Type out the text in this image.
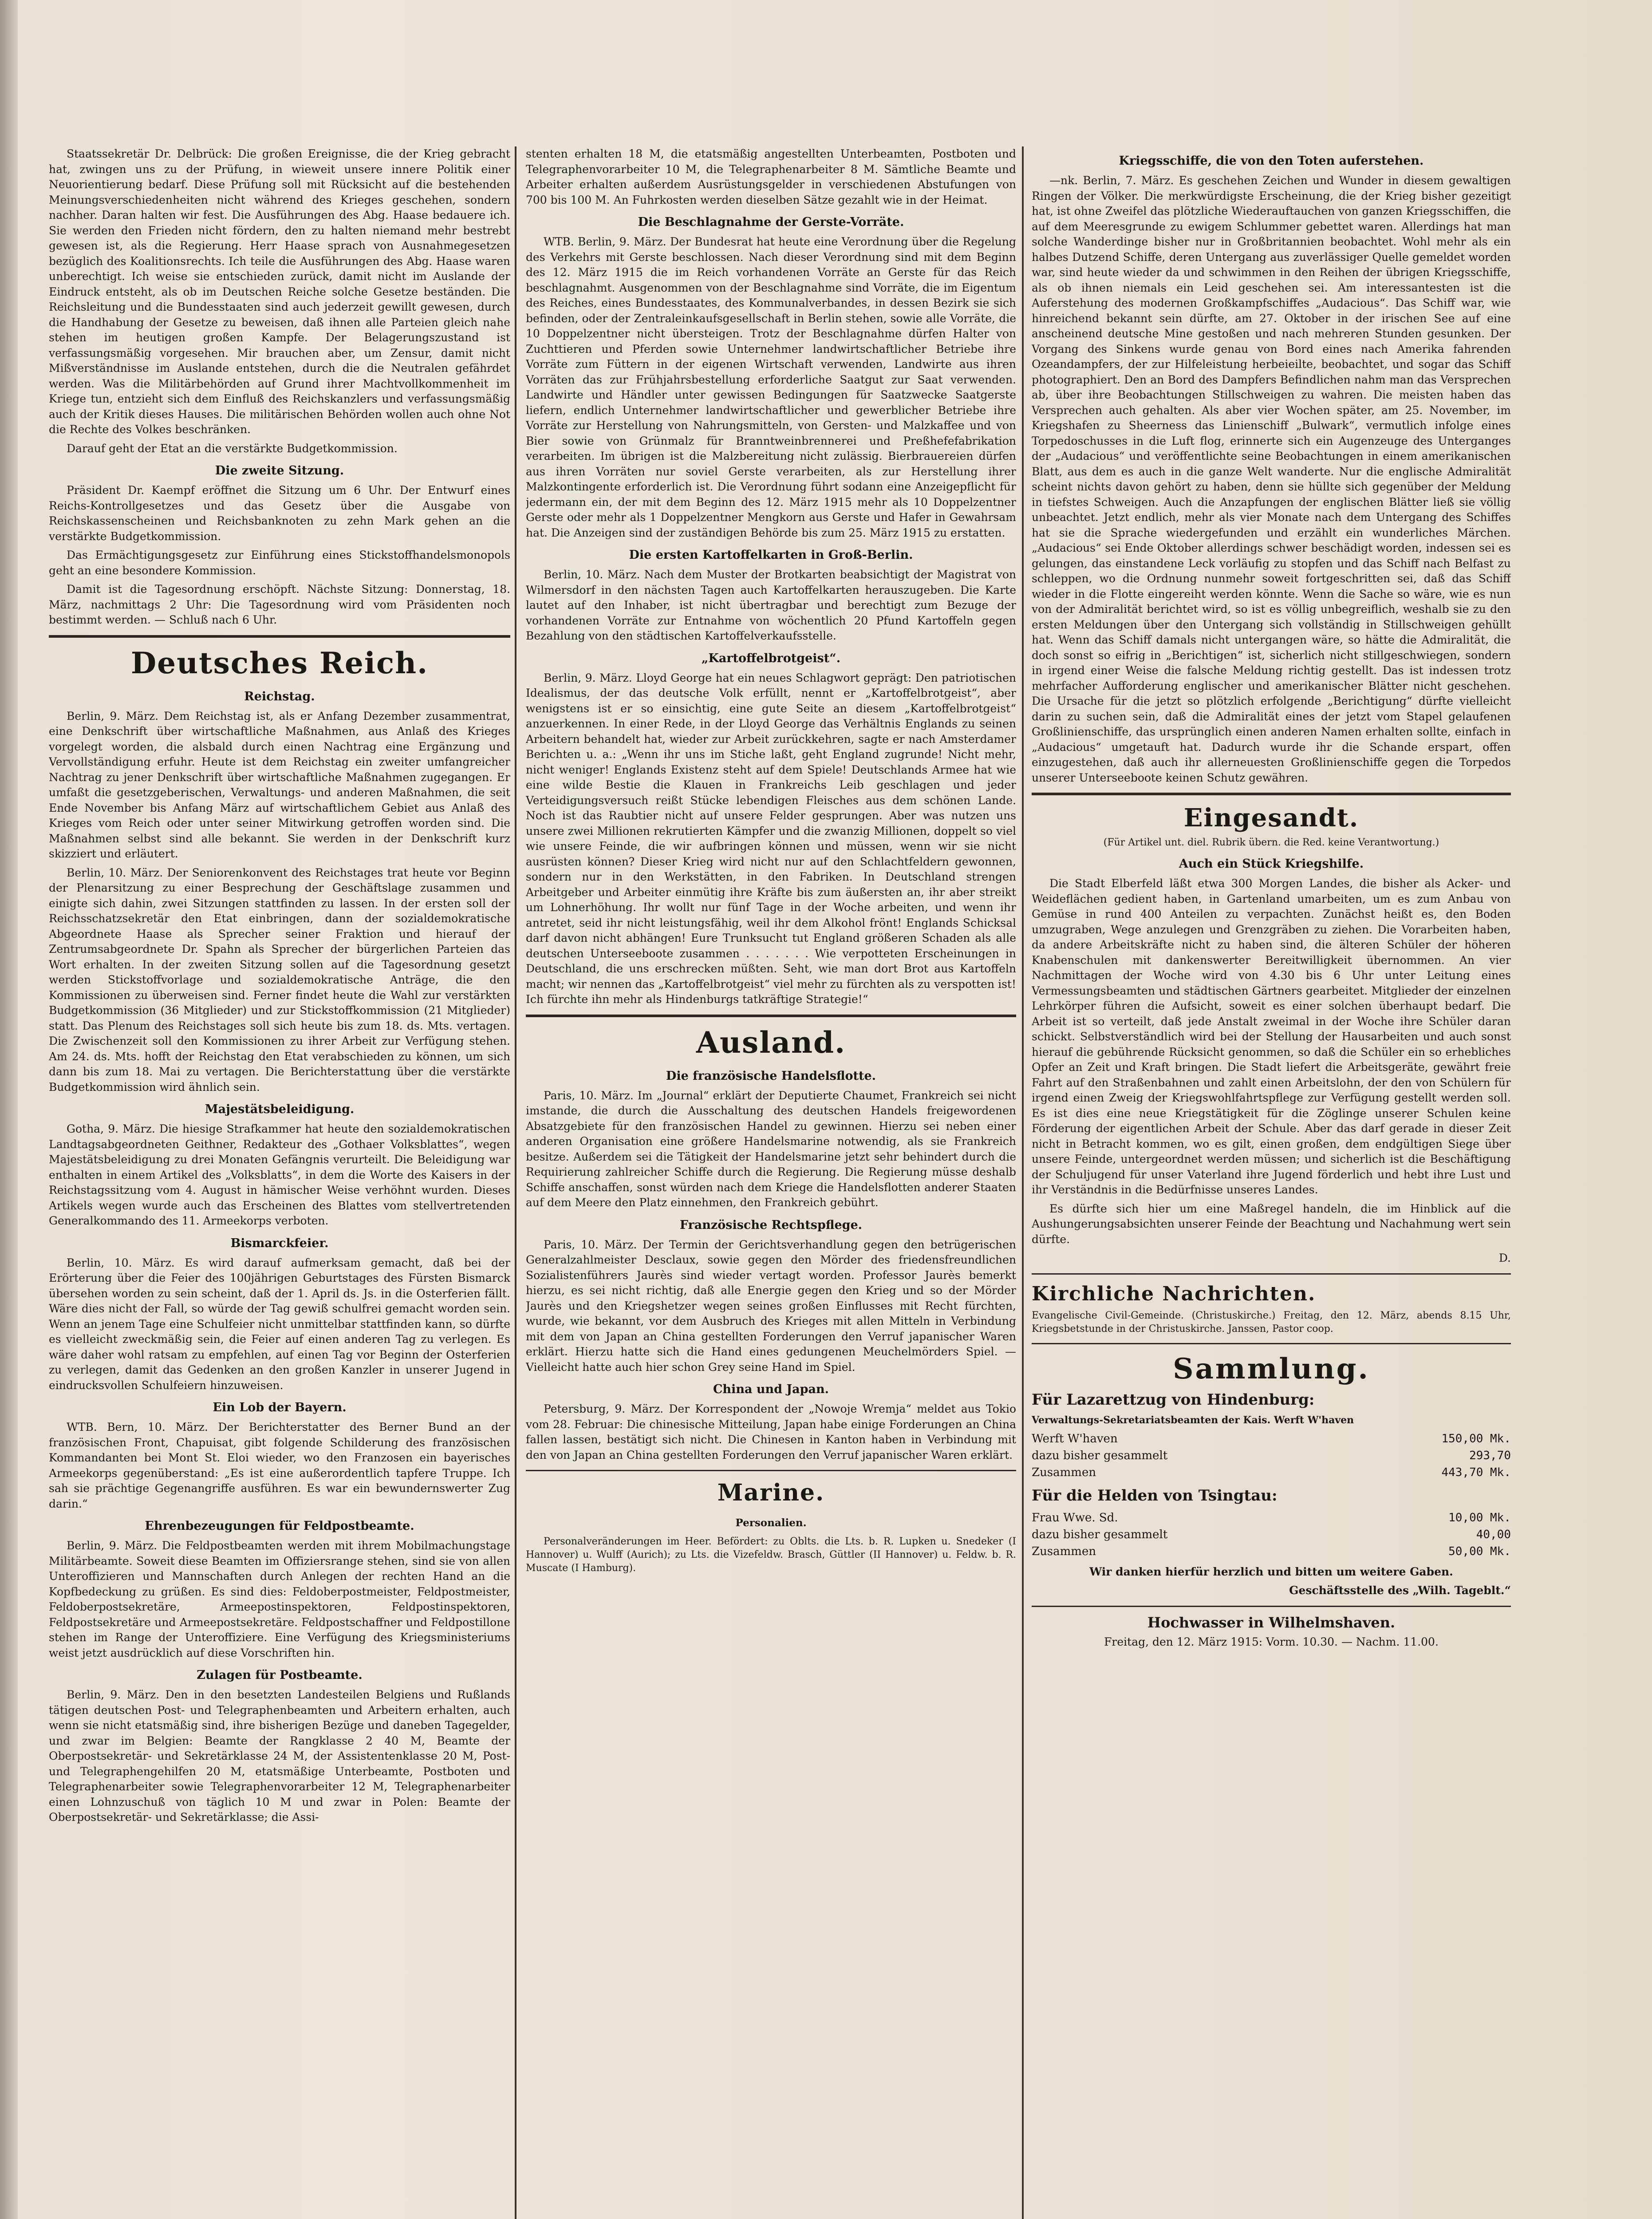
Staatssekretär Dr. Delbrück: Die großen Ereignisse, die der Krieg gebracht hat, zwingen uns zu der Prüfung, in wieweit unsere innere Politik einer Neuorientierung bedarf. Diese Prüfung soll mit Rücksicht auf die bestehenden Meinungsverschiedenheiten nicht während des Krieges geschehen, sondern nachher. Daran halten wir fest. Die Ausführungen des Abg. Haase bedauere ich. Sie werden den Frieden nicht fördern, den zu halten niemand mehr bestrebt gewesen ist, als die Regierung. Herr Haase sprach von Ausnahmegesetzen bezüglich des Koalitionsrechts. Ich teile die Ausführungen des Abg. Haase waren unberechtigt. Ich weise sie entschieden zurück, damit nicht im Auslande der Eindruck entsteht, als ob im Deutschen Reiche solche Gesetze beständen. Die Reichsleitung und die Bundesstaaten sind auch jederzeit gewillt gewesen, durch die Handhabung der Gesetze zu beweisen, daß ihnen alle Parteien gleich nahe stehen im heutigen großen Kampfe. Der Belagerungszustand ist verfassungsmäßig vorgesehen. Mir brauchen aber, um Zensur, damit nicht Mißverständnisse im Auslande entstehen, durch die die Neutralen gefährdet werden. Was die Militärbehörden auf Grund ihrer Machtvollkommenheit im Kriege tun, entzieht sich dem Einfluß des Reichskanzlers und verfassungsmäßig auch der Kritik dieses Hauses. Die militärischen Behörden wollen auch ohne Not die Rechte des Volkes beschränken.

Darauf geht der Etat an die verstärkte Budgetkommission.

Die zweite Sitzung.

Präsident Dr. Kaempf eröffnet die Sitzung um 6 Uhr. Der Entwurf eines Reichs-Kontrollgesetzes und das Gesetz über die Ausgabe von Reichskassenscheinen und Reichsbanknoten zu zehn Mark gehen an die verstärkte Budgetkommission.

Das Ermächtigungsgesetz zur Einführung eines Stickstoffhandelsmonopols geht an eine besondere Kommission.

Damit ist die Tagesordnung erschöpft. Nächste Sitzung: Donnerstag, 18. März, nachmittags 2 Uhr: Die Tagesordnung wird vom Präsidenten noch bestimmt werden. — Schluß nach 6 Uhr.

Deutsches Reich.
Reichstag.

Berlin, 9. März. Dem Reichstag ist, als er Anfang Dezember zusammentrat, eine Denkschrift über wirtschaftliche Maßnahmen, aus Anlaß des Krieges vorgelegt worden, die alsbald durch einen Nachtrag eine Ergänzung und Vervollständigung erfuhr. Heute ist dem Reichstag ein zweiter umfangreicher Nachtrag zu jener Denkschrift über wirtschaftliche Maßnahmen zugegangen. Er umfaßt die gesetzgeberischen, Verwaltungs- und anderen Maßnahmen, die seit Ende November bis Anfang März auf wirtschaftlichem Gebiet aus Anlaß des Krieges vom Reich oder unter seiner Mitwirkung getroffen worden sind. Die Maßnahmen selbst sind alle bekannt. Sie werden in der Denkschrift kurz skizziert und erläutert.

Berlin, 10. März. Der Seniorenkonvent des Reichstages trat heute vor Beginn der Plenarsitzung zu einer Besprechung der Geschäftslage zusammen und einigte sich dahin, zwei Sitzungen stattfinden zu lassen. In der ersten soll der Reichsschatzsekretär den Etat einbringen, dann der sozialdemokratische Abgeordnete Haase als Sprecher seiner Fraktion und hierauf der Zentrumsabgeordnete Dr. Spahn als Sprecher der bürgerlichen Parteien das Wort erhalten. In der zweiten Sitzung sollen auf die Tagesordnung gesetzt werden Stickstoffvorlage und sozialdemokratische Anträge, die den Kommissionen zu überweisen sind. Ferner findet heute die Wahl zur verstärkten Budgetkommission (36 Mitglieder) und zur Stickstoffkommission (21 Mitglieder) statt. Das Plenum des Reichstages soll sich heute bis zum 18. ds. Mts. vertagen. Die Zwischenzeit soll den Kommissionen zu ihrer Arbeit zur Verfügung stehen. Am 24. ds. Mts. hofft der Reichstag den Etat verabschieden zu können, um sich dann bis zum 18. Mai zu vertagen. Die Berichterstattung über die verstärkte Budgetkommission wird ähnlich sein.

Majestätsbeleidigung.

Gotha, 9. März. Die hiesige Strafkammer hat heute den sozialdemokratischen Landtagsabgeordneten Geithner, Redakteur des „Gothaer Volksblattes“, wegen Majestätsbeleidigung zu drei Monaten Gefängnis verurteilt. Die Beleidigung war enthalten in einem Artikel des „Volksblatts“, in dem die Worte des Kaisers in der Reichstagssitzung vom 4. August in hämischer Weise verhöhnt wurden. Dieses Artikels wegen wurde auch das Erscheinen des Blattes vom stellvertretenden Generalkommando des 11. Armeekorps verboten.

Bismarckfeier.

Berlin, 10. März. Es wird darauf aufmerksam gemacht, daß bei der Erörterung über die Feier des 100jährigen Geburtstages des Fürsten Bismarck übersehen worden zu sein scheint, daß der 1. April ds. Js. in die Osterferien fällt. Wäre dies nicht der Fall, so würde der Tag gewiß schulfrei gemacht worden sein. Wenn an jenem Tage eine Schulfeier nicht unmittelbar stattfinden kann, so dürfte es vielleicht zweckmäßig sein, die Feier auf einen anderen Tag zu verlegen. Es wäre daher wohl ratsam zu empfehlen, auf einen Tag vor Beginn der Osterferien zu verlegen, damit das Gedenken an den großen Kanzler in unserer Jugend in eindrucksvollen Schulfeiern hinzuweisen.

Ein Lob der Bayern.

WTB. Bern, 10. März. Der Berichterstatter des Berner Bund an der französischen Front, Chapuisat, gibt folgende Schilderung des französischen Kommandanten bei Mont St. Eloi wieder, wo den Franzosen ein bayerisches Armeekorps gegenüberstand: „Es ist eine außerordentlich tapfere Truppe. Ich sah sie prächtige Gegenangriffe ausführen. Es war ein bewundernswerter Zug darin.“

Ehrenbezeugungen für Feldpostbeamte.

Berlin, 9. März. Die Feldpostbeamten werden mit ihrem Mobilmachungstage Militärbeamte. Soweit diese Beamten im Offiziersrange stehen, sind sie von allen Unteroffizieren und Mannschaften durch Anlegen der rechten Hand an die Kopfbedeckung zu grüßen. Es sind dies: Feldoberpostmeister, Feldpostmeister, Feldoberpostsekretäre, Armeepostinspektoren, Feldpostinspektoren, Feldpostsekretäre und Armeepostsekretäre. Feldpostschaffner und Feldpostillone stehen im Range der Unteroffiziere. Eine Verfügung des Kriegsministeriums weist jetzt ausdrücklich auf diese Vorschriften hin.

Zulagen für Postbeamte.

Berlin, 9. März. Den in den besetzten Landesteilen Belgiens und Rußlands tätigen deutschen Post- und Telegraphenbeamten und Arbeitern erhalten, auch wenn sie nicht etatsmäßig sind, ihre bisherigen Bezüge und daneben Tagegelder, und zwar im Belgien: Beamte der Rangklasse 2 40 M, Beamte der Oberpostsekretär- und Sekretärklasse 24 M, der Assistentenklasse 20 M, Post- und Telegraphengehilfen 20 M, etatsmäßige Unterbeamte, Postboten und Telegraphenarbeiter sowie Telegraphenvorarbeiter 12 M, Telegraphenarbeiter einen Lohnzuschuß von täglich 10 M und zwar in Polen: Beamte der Oberpostsekretär- und Sekretärklasse; die Assi-

stenten erhalten 18 M, die etatsmäßig angestellten Unterbeamten, Postboten und Telegraphenvorarbeiter 10 M, die Telegraphenarbeiter 8 M. Sämtliche Beamte und Arbeiter erhalten außerdem Ausrüstungsgelder in verschiedenen Abstufungen von 700 bis 100 M. An Fuhrkosten werden dieselben Sätze gezahlt wie in der Heimat.

Die Beschlagnahme der Gerste-Vorräte.

WTB. Berlin, 9. März. Der Bundesrat hat heute eine Verordnung über die Regelung des Verkehrs mit Gerste beschlossen. Nach dieser Verordnung sind mit dem Beginn des 12. März 1915 die im Reich vorhandenen Vorräte an Gerste für das Reich beschlagnahmt. Ausgenommen von der Beschlagnahme sind Vorräte, die im Eigentum des Reiches, eines Bundesstaates, des Kommunalverbandes, in dessen Bezirk sie sich befinden, oder der Zentraleinkaufsgesellschaft in Berlin stehen, sowie alle Vorräte, die 10 Doppelzentner nicht übersteigen. Trotz der Beschlagnahme dürfen Halter von Zuchttieren und Pferden sowie Unternehmer landwirtschaftlicher Betriebe ihre Vorräte zum Füttern in der eigenen Wirtschaft verwenden, Landwirte aus ihren Vorräten das zur Frühjahrsbestellung erforderliche Saatgut zur Saat verwenden. Landwirte und Händler unter gewissen Bedingungen für Saatzwecke Saatgerste liefern, endlich Unternehmer landwirtschaftlicher und gewerblicher Betriebe ihre Vorräte zur Herstellung von Nahrungsmitteln, von Gersten- und Malzkaffee und von Bier sowie von Grünmalz für Branntweinbrennerei und Preßhefefabrikation verarbeiten. Im übrigen ist die Malzbereitung nicht zulässig. Bierbrauereien dürfen aus ihren Vorräten nur soviel Gerste verarbeiten, als zur Herstellung ihrer Malzkontingente erforderlich ist. Die Verordnung führt sodann eine Anzeigepflicht für jedermann ein, der mit dem Beginn des 12. März 1915 mehr als 10 Doppelzentner Gerste oder mehr als 1 Doppelzentner Mengkorn aus Gerste und Hafer in Gewahrsam hat. Die Anzeigen sind der zuständigen Behörde bis zum 25. März 1915 zu erstatten.

Die ersten Kartoffelkarten in Groß-Berlin.

Berlin, 10. März. Nach dem Muster der Brotkarten beabsichtigt der Magistrat von Wilmersdorf in den nächsten Tagen auch Kartoffelkarten herauszugeben. Die Karte lautet auf den Inhaber, ist nicht übertragbar und berechtigt zum Bezuge der vorhandenen Vorräte zur Entnahme von wöchentlich 20 Pfund Kartoffeln gegen Bezahlung von den städtischen Kartoffelverkaufsstelle.

„Kartoffelbrotgeist“.

Berlin, 9. März. Lloyd George hat ein neues Schlagwort geprägt: Den patriotischen Idealismus, der das deutsche Volk erfüllt, nennt er „Kartoffelbrotgeist“, aber wenigstens ist er so einsichtig, eine gute Seite an diesem „Kartoffelbrotgeist“ anzuerkennen. In einer Rede, in der Lloyd George das Verhältnis Englands zu seinen Arbeitern behandelt hat, wieder zur Arbeit zurückkehren, sagte er nach Amsterdamer Berichten u. a.: „Wenn ihr uns im Stiche laßt, geht England zugrunde! Nicht mehr, nicht weniger! Englands Existenz steht auf dem Spiele! Deutschlands Armee hat wie eine wilde Bestie die Klauen in Frankreichs Leib geschlagen und jeder Verteidigungsversuch reißt Stücke lebendigen Fleisches aus dem schönen Lande. Noch ist das Raubtier nicht auf unsere Felder gesprungen. Aber was nutzen uns unsere zwei Millionen rekrutierten Kämpfer und die zwanzig Millionen, doppelt so viel wie unsere Feinde, die wir aufbringen können und müssen, wenn wir sie nicht ausrüsten können? Dieser Krieg wird nicht nur auf den Schlachtfeldern gewonnen, sondern nur in den Werkstätten, in den Fabriken. In Deutschland strengen Arbeitgeber und Arbeiter einmütig ihre Kräfte bis zum äußersten an, ihr aber streikt um Lohnerhöhung. Ihr wollt nur fünf Tage in der Woche arbeiten, und wenn ihr antretet, seid ihr nicht leistungsfähig, weil ihr dem Alkohol frönt! Englands Schicksal darf davon nicht abhängen! Eure Trunksucht tut England größeren Schaden als alle deutschen Unterseeboote zusammen . . . . . . . Wie verpotteten Erscheinungen in Deutschland, die uns erschrecken müßten. Seht, wie man dort Brot aus Kartoffeln macht; wir nennen das „Kartoffelbrotgeist“ viel mehr zu fürchten als zu verspotten ist! Ich fürchte ihn mehr als Hindenburgs tatkräftige Strategie!“

Ausland.
Die französische Handelsflotte.

Paris, 10. März. Im „Journal“ erklärt der Deputierte Chaumet, Frankreich sei nicht imstande, die durch die Ausschaltung des deutschen Handels freigewordenen Absatzgebiete für den französischen Handel zu gewinnen. Hierzu sei neben einer anderen Organisation eine größere Handelsmarine notwendig, als sie Frankreich besitze. Außerdem sei die Tätigkeit der Handelsmarine jetzt sehr behindert durch die Requirierung zahlreicher Schiffe durch die Regierung. Die Regierung müsse deshalb Schiffe anschaffen, sonst würden nach dem Kriege die Handelsflotten anderer Staaten auf dem Meere den Platz einnehmen, den Frankreich gebührt.

Französische Rechtspflege.

Paris, 10. März. Der Termin der Gerichtsverhandlung gegen den betrügerischen Generalzahlmeister Desclaux, sowie gegen den Mörder des friedensfreundlichen Sozialistenführers Jaurès sind wieder vertagt worden. Professor Jaurès bemerkt hierzu, es sei nicht richtig, daß alle Energie gegen den Krieg und so der Mörder Jaurès und den Kriegshetzer wegen seines großen Einflusses mit Recht fürchten, wurde, wie bekannt, vor dem Ausbruch des Krieges mit allen Mitteln in Verbindung mit dem von Japan an China gestellten Forderungen den Verruf japanischer Waren erklärt. Hierzu hatte sich die Hand eines gedungenen Meuchelmörders Spiel. — Vielleicht hatte auch hier schon Grey seine Hand im Spiel.

China und Japan.

Petersburg, 9. März. Der Korrespondent der „Nowoje Wremja“ meldet aus Tokio vom 28. Februar: Die chinesische Mitteilung, Japan habe einige Forderungen an China fallen lassen, bestätigt sich nicht. Die Chinesen in Kanton haben in Verbindung mit den von Japan an China gestellten Forderungen den Verruf japanischer Waren erklärt.

Marine.
Personalien.

Personalveränderungen im Heer. Befördert: zu Oblts. die Lts. b. R. Lupken u. Snedeker (I Hannover) u. Wulff (Aurich); zu Lts. die Vizefeldw. Brasch, Güttler (II Hannover) u. Feldw. b. R. Muscate (I Hamburg).

Kriegsschiffe, die von den Toten auferstehen.

—nk. Berlin, 7. März. Es geschehen Zeichen und Wunder in diesem gewaltigen Ringen der Völker. Die merkwürdigste Erscheinung, die der Krieg bisher gezeitigt hat, ist ohne Zweifel das plötzliche Wiederauftauchen von ganzen Kriegsschiffen, die auf dem Meeresgrunde zu ewigem Schlummer gebettet waren. Allerdings hat man solche Wanderdinge bisher nur in Großbritannien beobachtet. Wohl mehr als ein halbes Dutzend Schiffe, deren Untergang aus zuverlässiger Quelle gemeldet worden war, sind heute wieder da und schwimmen in den Reihen der übrigen Kriegsschiffe, als ob ihnen niemals ein Leid geschehen sei. Am interessantesten ist die Auferstehung des modernen Großkampfschiffes „Audacious“. Das Schiff war, wie hinreichend bekannt sein dürfte, am 27. Oktober in der irischen See auf eine anscheinend deutsche Mine gestoßen und nach mehreren Stunden gesunken. Der Vorgang des Sinkens wurde genau von Bord eines nach Amerika fahrenden Ozeandampfers, der zur Hilfeleistung herbeieilte, beobachtet, und sogar das Schiff photographiert. Den an Bord des Dampfers Befindlichen nahm man das Versprechen ab, über ihre Beobachtungen Stillschweigen zu wahren. Die meisten haben das Versprechen auch gehalten. Als aber vier Wochen später, am 25. November, im Kriegshafen zu Sheerness das Linienschiff „Bulwark“, vermutlich infolge eines Torpedoschusses in die Luft flog, erinnerte sich ein Augenzeuge des Unterganges der „Audacious“ und veröffentlichte seine Beobachtungen in einem amerikanischen Blatt, aus dem es auch in die ganze Welt wanderte. Nur die englische Admiralität scheint nichts davon gehört zu haben, denn sie hüllte sich gegenüber der Meldung in tiefstes Schweigen. Auch die Anzapfungen der englischen Blätter ließ sie völlig unbeachtet. Jetzt endlich, mehr als vier Monate nach dem Untergang des Schiffes hat sie die Sprache wiedergefunden und erzählt ein wunderliches Märchen. „Audacious“ sei Ende Oktober allerdings schwer beschädigt worden, indessen sei es gelungen, das einstandene Leck vorläufig zu stopfen und das Schiff nach Belfast zu schleppen, wo die Ordnung nunmehr soweit fortgeschritten sei, daß das Schiff wieder in die Flotte eingereiht werden könnte. Wenn die Sache so wäre, wie es nun von der Admiralität berichtet wird, so ist es völlig unbegreiflich, weshalb sie zu den ersten Meldungen über den Untergang sich vollständig in Stillschweigen gehüllt hat. Wenn das Schiff damals nicht untergangen wäre, so hätte die Admiralität, die doch sonst so eifrig in „Berichtigen“ ist, sicherlich nicht stillgeschwiegen, sondern in irgend einer Weise die falsche Meldung richtig gestellt. Das ist indessen trotz mehrfacher Aufforderung englischer und amerikanischer Blätter nicht geschehen. Die Ursache für die jetzt so plötzlich erfolgende „Berichtigung“ dürfte vielleicht darin zu suchen sein, daß die Admiralität eines der jetzt vom Stapel gelaufenen Großlinienschiffe, das ursprünglich einen anderen Namen erhalten sollte, einfach in „Audacious“ umgetauft hat. Dadurch wurde ihr die Schande erspart, offen einzugestehen, daß auch ihr allerneuesten Großlinienschiffe gegen die Torpedos unserer Unterseeboote keinen Schutz gewähren.

Eingesandt.

(Für Artikel unt. diel. Rubrik übern. die Red. keine Verantwortung.)

Auch ein Stück Kriegshilfe.

Die Stadt Elberfeld läßt etwa 300 Morgen Landes, die bisher als Acker- und Weideflächen gedient haben, in Gartenland umarbeiten, um es zum Anbau von Gemüse in rund 400 Anteilen zu verpachten. Zunächst heißt es, den Boden umzugraben, Wege anzulegen und Grenzgräben zu ziehen. Die Vorarbeiten haben, da andere Arbeitskräfte nicht zu haben sind, die älteren Schüler der höheren Knabenschulen mit dankenswerter Bereitwilligkeit übernommen. An vier Nachmittagen der Woche wird von 4.30 bis 6 Uhr unter Leitung eines Vermessungsbeamten und städtischen Gärtners gearbeitet. Mitglieder der einzelnen Lehrkörper führen die Aufsicht, soweit es einer solchen überhaupt bedarf. Die Arbeit ist so verteilt, daß jede Anstalt zweimal in der Woche ihre Schüler daran schickt. Selbstverständlich wird bei der Stellung der Hausarbeiten und auch sonst hierauf die gebührende Rücksicht genommen, so daß die Schüler ein so erhebliches Opfer an Zeit und Kraft bringen. Die Stadt liefert die Arbeitsgeräte, gewährt freie Fahrt auf den Straßenbahnen und zahlt einen Arbeitslohn, der den von Schülern für irgend einen Zweig der Kriegswohlfahrtspflege zur Verfügung gestellt werden soll. Es ist dies eine neue Kriegstätigkeit für die Zöglinge unserer Schulen keine Förderung der eigentlichen Arbeit der Schule. Aber das darf gerade in dieser Zeit nicht in Betracht kommen, wo es gilt, einen großen, dem endgültigen Siege über unsere Feinde, untergeordnet werden müssen; und sicherlich ist die Beschäftigung der Schuljugend für unser Vaterland ihre Jugend förderlich und hebt ihre Lust und ihr Verständnis in die Bedürfnisse unseres Landes.

Es dürfte sich hier um eine Maßregel handeln, die im Hinblick auf die Aushungerungsabsichten unserer Feinde der Beachtung und Nachahmung wert sein dürfte.

D.

Kirchliche Nachrichten.

Evangelische Civil-Gemeinde. (Christuskirche.) Freitag, den 12. März, abends 8.15 Uhr, Kriegsbetstunde in der Christuskirche. Janssen, Pastor coop.

Sammlung.

Für Lazarettzug von Hindenburg:

Verwaltungs-Sekretariatsbeamten der Kais. Werft W'haven

Werft W'haven	150,00 Mk.
dazu bisher gesammelt	293,70
Zusammen	443,70 Mk.

Für die Helden von Tsingtau:

Frau Wwe. Sd.	10,00 Mk.
dazu bisher gesammelt	40,00
Zusammen	50,00 Mk.

Wir danken hierfür herzlich und bitten um weitere Gaben.

Geschäftsstelle des „Wilh. Tageblt.“

Hochwasser in Wilhelmshaven.

Freitag, den 12. März 1915: Vorm. 10.30. — Nachm. 11.00.
